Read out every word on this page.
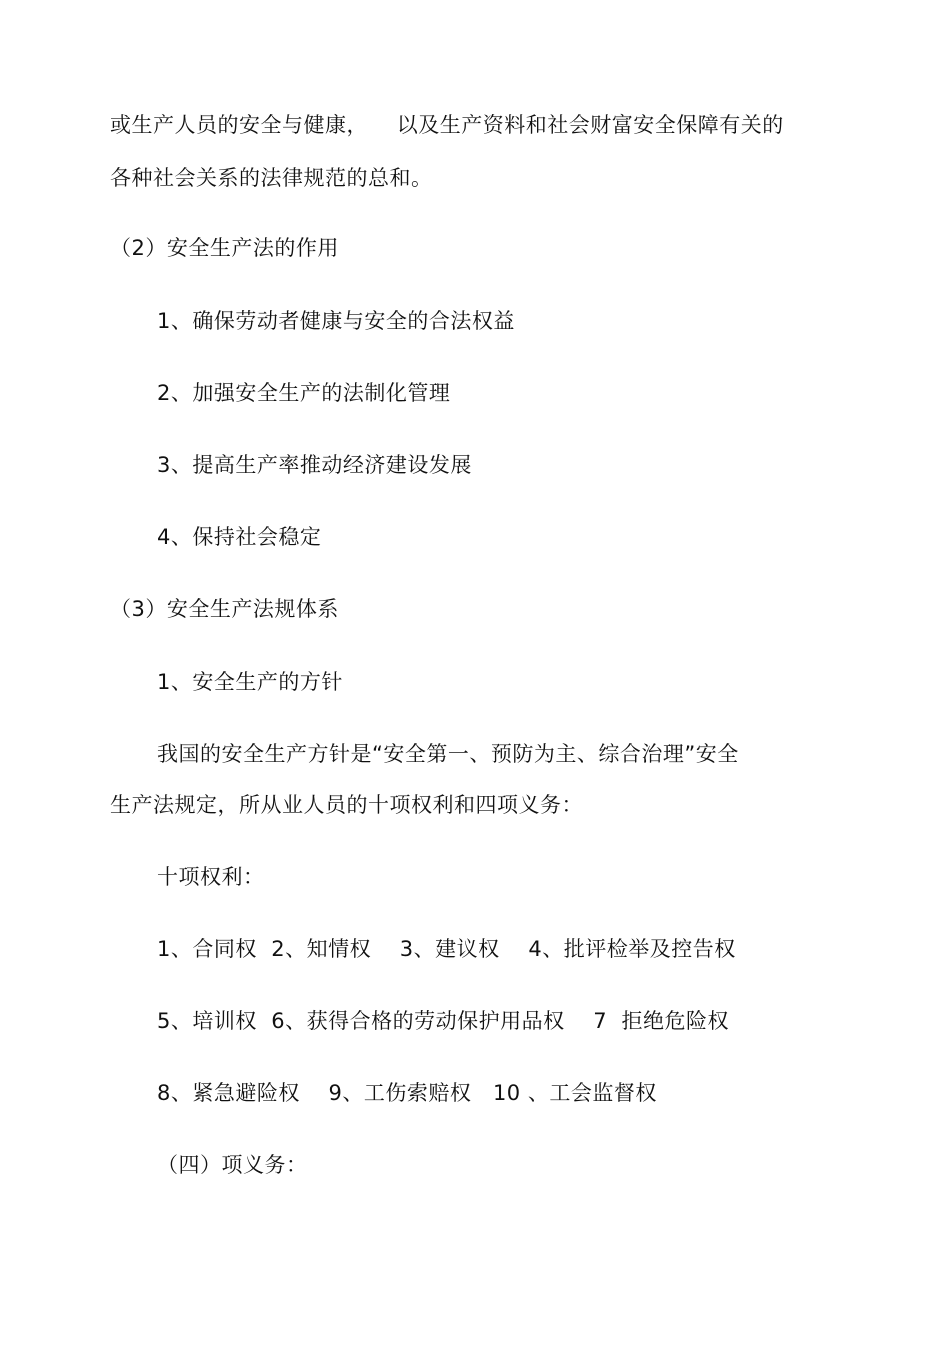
或生产人员的安全与健康，    以及生产资料和社会财富安全保障有关的
各种社会关系的法律规范的总和。
（2）安全生产法的作用
1、确保劳动者健康与安全的合法权益
2、加强安全生产的法制化管理
3、提高生产率推动经济建设发展
4、保持社会稳定
（3）安全生产法规体系
1、安全生产的方针
我国的安全生产方针是“安全第一、预防为主、综合治理”安全
生产法规定，所从业人员的十项权利和四项义务：
十项权利：
1、合同权  2、知情权    3、建议权    4、批评检举及控告权
5、培训权  6、获得合格的劳动保护用品权    7  拒绝危险权
8、紧急避险权    9、工伤索赔权   10 、工会监督权
（四）项义务：
